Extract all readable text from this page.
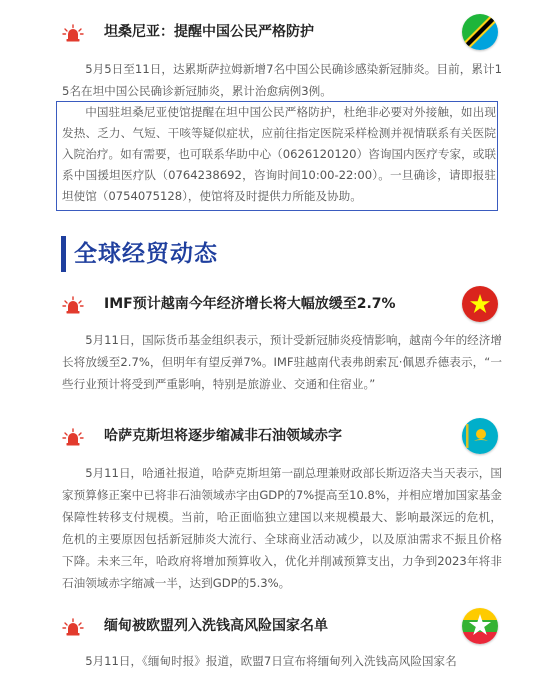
坦桑尼亚：提醒中国公民严格防护

5月5日至11日，达累斯萨拉姆新增7名中国公民确诊感染新冠肺炎。目前，累计15名在坦中国公民确诊新冠肺炎，累计治愈病例3例。

中国驻坦桑尼亚使馆提醒在坦中国公民严格防护，杜绝非必要对外接触，如出现发热、乏力、气短、干咳等疑似症状，应前往指定医院采样检测并视情联系有关医院入院治疗。如有需要，也可联系华助中心（0626120120）咨询国内医疗专家，或联系中国援坦医疗队（0764238692，咨询时间10:00-22:00）。一旦确诊，请即报驻坦使馆（0754075128），使馆将及时提供力所能及协助。

全球经贸动态
IMF预计越南今年经济增长将大幅放缓至2.7%

5月11日，国际货币基金组织表示，预计受新冠肺炎疫情影响，越南今年的经济增长将放缓至2.7%，但明年有望反弹7%。IMF驻越南代表弗朗索瓦·佩恩乔德表示，“一些行业预计将受到严重影响，特别是旅游业、交通和住宿业。”

哈萨克斯坦将逐步缩减非石油领域赤字

5月11日，哈通社报道，哈萨克斯坦第一副总理兼财政部长斯迈洛夫当天表示，国家预算修正案中已将非石油领域赤字由GDP的7%提高至10.8%，并相应增加国家基金保障性转移支付规模。当前，哈正面临独立建国以来规模最大、影响最深远的危机，危机的主要原因包括新冠肺炎大流行、全球商业活动减少，以及原油需求不振且价格下降。未来三年，哈政府将增加预算收入，优化并削减预算支出，力争到2023年将非石油领域赤字缩减一半，达到GDP的5.3%。

缅甸被欧盟列入洗钱高风险国家名单

5月11日，《缅甸时报》报道，欧盟7日宣布将缅甸列入洗钱高风险国家名
